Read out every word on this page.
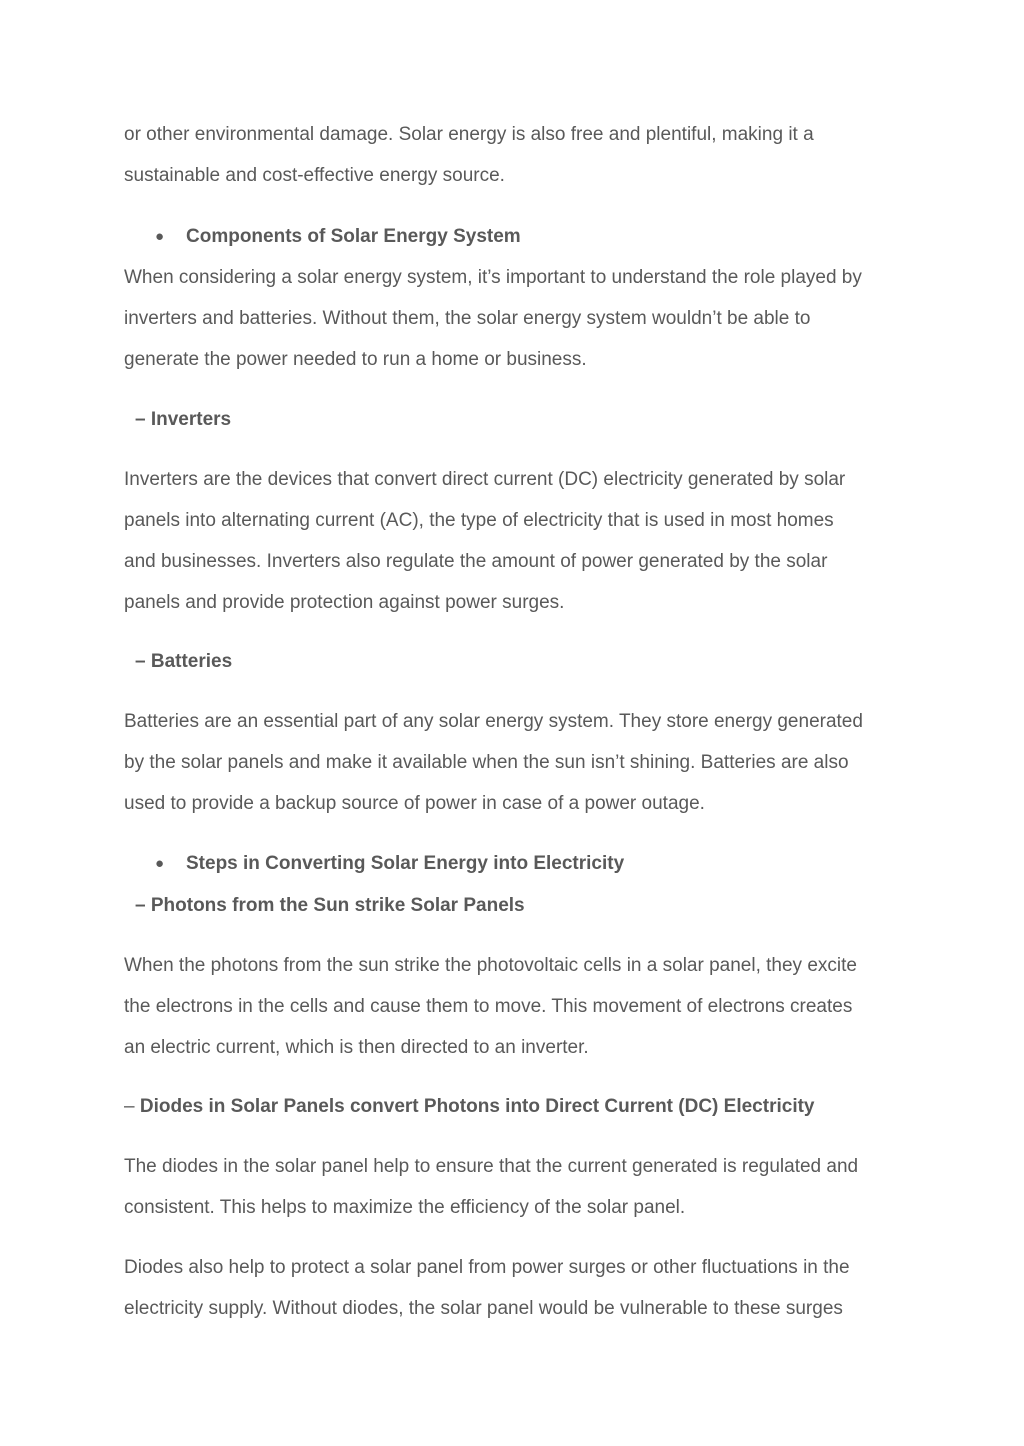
or other environmental damage. Solar energy is also free and plentiful, making it a
sustainable and cost-effective energy source.

● Components of Solar Energy System

When considering a solar energy system, it’s important to understand the role played by
inverters and batteries. Without them, the solar energy system wouldn’t be able to
generate the power needed to run a home or business.

– Inverters

Inverters are the devices that convert direct current (DC) electricity generated by solar
panels into alternating current (AC), the type of electricity that is used in most homes
and businesses. Inverters also regulate the amount of power generated by the solar
panels and provide protection against power surges.

– Batteries

Batteries are an essential part of any solar energy system. They store energy generated
by the solar panels and make it available when the sun isn’t shining. Batteries are also
used to provide a backup source of power in case of a power outage.

● Steps in Converting Solar Energy into Electricity

– Photons from the Sun strike Solar Panels

When the photons from the sun strike the photovoltaic cells in a solar panel, they excite
the electrons in the cells and cause them to move. This movement of electrons creates
an electric current, which is then directed to an inverter.

– Diodes in Solar Panels convert Photons into Direct Current (DC) Electricity

The diodes in the solar panel help to ensure that the current generated is regulated and
consistent. This helps to maximize the efficiency of the solar panel.

Diodes also help to protect a solar panel from power surges or other fluctuations in the
electricity supply. Without diodes, the solar panel would be vulnerable to these surges
